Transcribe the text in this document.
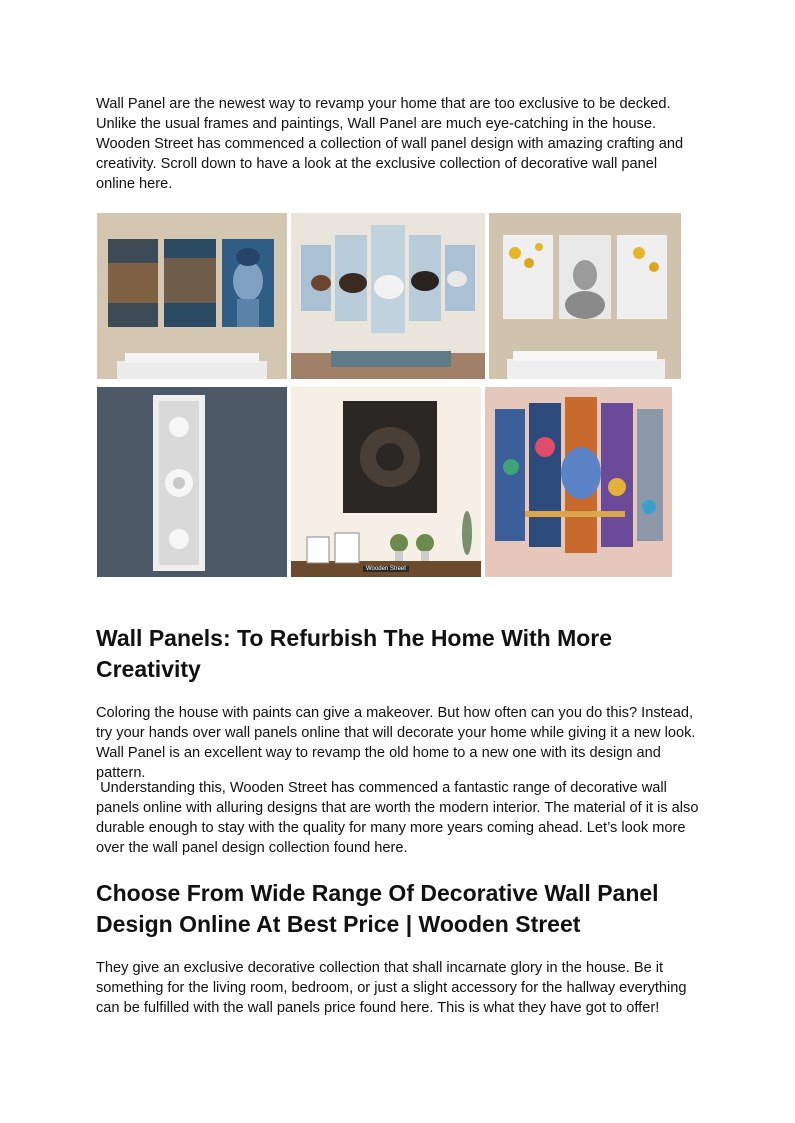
Wall Panel are the newest way to revamp your home that are too exclusive to be decked. Unlike the usual frames and paintings, Wall Panel are much eye-catching in the house. Wooden Street has commenced a collection of wall panel design with amazing crafting and creativity. Scroll down to have a look at the exclusive collection of decorative wall panel online here.

Wall Panels: To Refurbish The Home With More Creativity

Coloring the house with paints can give a makeover. But how often can you do this? Instead, try your hands over wall panels online that will decorate your home while giving it a new look. Wall Panel is an excellent way to revamp the old home to a new one with its design and pattern.

Understanding this, Wooden Street has commenced a fantastic range of decorative wall panels online with alluring designs that are worth the modern interior. The material of it is also durable enough to stay with the quality for many more years coming ahead. Let’s look more over the wall panel design collection found here.

Choose From Wide Range Of Decorative Wall Panel Design Online At Best Price | Wooden Street

They give an exclusive decorative collection that shall incarnate glory in the house. Be it something for the living room, bedroom, or just a slight accessory for the hallway everything can be fulfilled with the wall panels price found here. This is what they have got to offer!

Wooden Street
